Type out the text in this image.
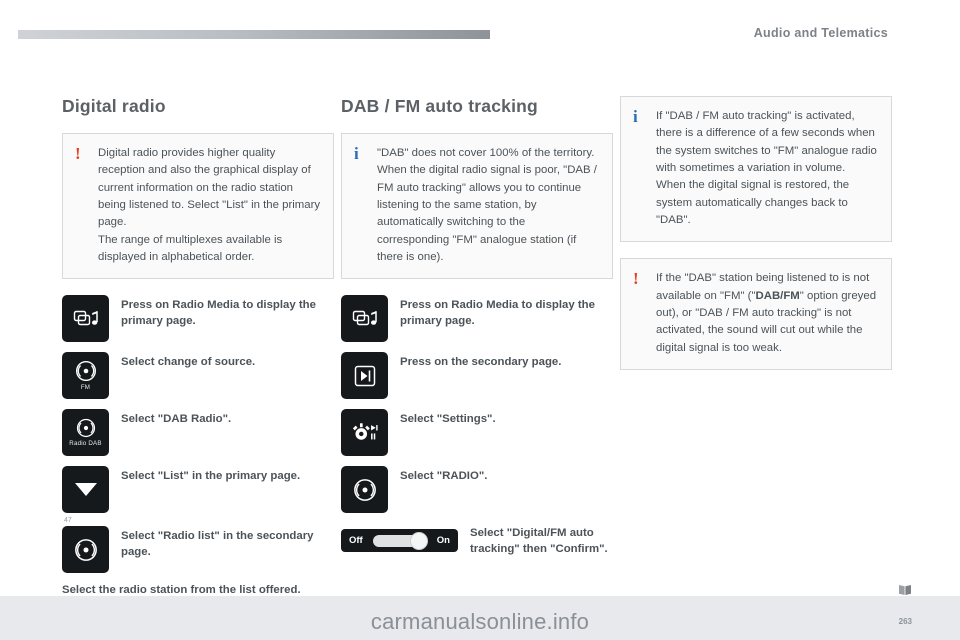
Audio and Telematics
Digital radio
!	Digital radio provides higher quality reception and also the graphical display of current information on the radio station being listened to. Select "List" in the primary page.

The range of multiplexes available is displayed in alphabetical order.

Press on Radio Media to display the primary page.
FM
Select change of source.
Radio DAB
Select "DAB Radio".
Select "List" in the primary page.
47
Select "Radio list" in the secondary page.
Select the radio station from the list offered.
DAB / FM auto tracking
i	"DAB" does not cover 100% of the territory.

When the digital radio signal is poor, "DAB / FM auto tracking" allows you to continue listening to the same station, by automatically switching to the corresponding "FM" analogue station (if there is one).

Press on Radio Media to display the primary page.
Press on the secondary page.
Select "Settings".
Select "RADIO".
Off	On
Select "Digital/FM auto tracking" then "Confirm".
i	If "DAB / FM auto tracking" is activated, there is a difference of a few seconds when the system switches to "FM" analogue radio with sometimes a variation in volume.

When the digital signal is restored, the system automatically changes back to "DAB".

!	If the "DAB" station being listened to is not available on "FM" ("DAB/FM" option greyed out), or "DAB / FM auto tracking" is not activated, the sound will cut out while the digital signal is too weak.

263
carmanualsonline.info
